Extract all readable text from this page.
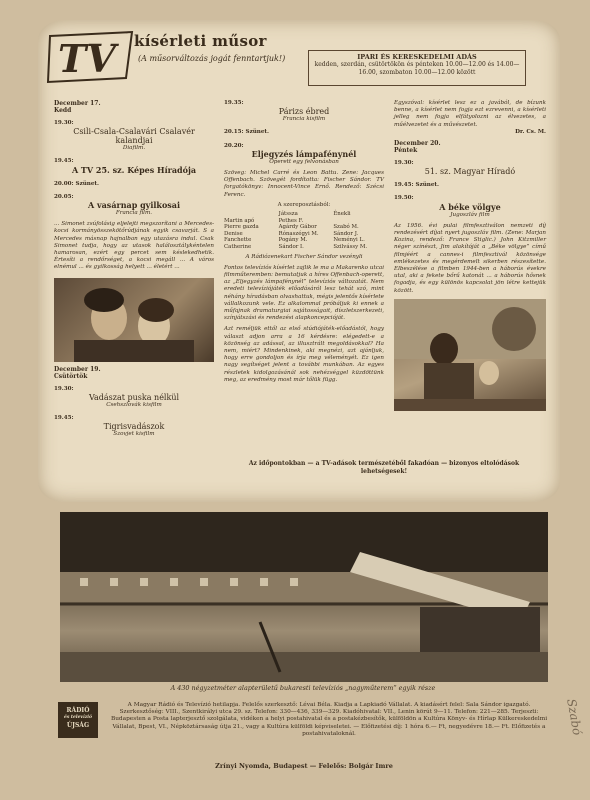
TV kísérleti műsor
(A műsorváltozás jogát fenntartjuk!)	IPARI ÉS KERESKEDELMI ADÁS
kedden, szerdán, csütörtökön és pénteken 10.00—12.00 és 14.00—16.00, szombaton 10.00—12.00 között
December 17.
Kedd
19.30:
Csili-Csala-Csalavári Csalavér kalandjai
Diafilm.
19.45:
A TV 25. sz. Képes Híradója
20.00: Szünet.
20.05:
A vasárnap gyilkosai
Francia film.
... Simonet zsúfolásig eljelejti megszorítani a Mercedes-kocsi kormányösszekötőrúdjának egyik csavarját. S a Mercedes másnap hajnalban egy utazásra indul. Csak Simonet tudja, hogy az utasok halálosztálykéntelen hamarosan, ezért egy percet sem késlekedhetik. Értesíti a rendőrséget, a kocsi megáll ... A város elnémul ... és gyilkosság helyett ... életért ...
December 19.
Csütörtök
19.30:
Vadászat puska nélkül
Csehszlovák kisfilm
19.45:
Tigrisvadászok
Szovjet kisfilm
19.35:
Párizs ébred
Francia kisfilm
20.15: Szünet.
20.20:
Eljegyzés lámpafénynél
Operett egy felvonásban
Szöveg: Michel Carré és Leon Battu. Zene: Jacques Offenbach. Szövegét fordította: Fischer Sándor. TV forgatókönyv: Innocent-Vince Ernő. Rendező: Szécsi Ferenc.
A szereposztásból:
Játssza	Énekli
Martin apó	Pethes F.
Pierre gazda	Agárdy Gábor	Szabó M.
Denise	Rónaszégyi M.	Sándor J.
Fanchette	Pogány M.	Neményi L.
Catherine	Sándor I.	Szilvássy M.
A Rádiózenekart Fischer Sándor vezényli
Fontos televíziós kísérlet zajlik le ma a Makarenko utcai filmműteremben: bemutatjuk a híres Offenbach-operett, az „Eljegyzés lámpafénynél” televíziós változatát. Nem eredeti televíziójáték előadásáról lesz tehát szó, mint néhány híradásban olvashattuk, mégis jelentős kísérlete vállalkozunk vele. Ez alkalommal próbáljuk ki ennek a műfajnak dramaturgiai sajátosságait, díszletszerkezeti, színjátszási és rendezési alapkoncepcióját.
Azt reméljük ettől az első stúdiójáték-előadástól, hogy választ adjon arra a 16 kérdésre: elégedett-e a közönség az adással, az illusztrált megoldásokkal? Ha nem, miért? Mindenkinek, aki megnézi, azt ajánljuk, hogy erre gondoljon és írja meg véleményét. Ez igen nagy segítséget jelent a további munkában. Az egyes részletek kidolgozásánál sok nehézséggel küzdöttünk meg, az eredmény most már tőlük függ.
Egyszóval: kísérlet lesz ez a javából, de bízunk benne, a kísérlet nem fogja ezt ezrevenni, a kísérleti jelleg nem fogja elfátyolozni az élvezetes, a műélvezetet és a művészetet.
Dr. Cs. M.
December 20.
Péntek
19.30:
51. sz. Magyar Híradó
19.45: Szünet.
19.50:
A béke völgye
Jugoszláv film
Az 1956. évi pulai filmfesztiválon nemzeti díj rendezésért díjat nyert jugoszláv film. (Zene: Marjan Kozina, rendező: France Stiglic.) John Kitzmiller néger színészt, Jim alakítóját a „Béke völgye” című filmjéért a cannes-i filmfesztivál közönsége emlékezetes és megérdemelt sikerben részesítette. Elbeszélése a filmben 1944-ben a háborús évekre utal, aki a fekete bőrű katonát ... a háborús hősnek fogadja, és egy különös kapcsolat jön létre kettejük között.
Az időpontokban — a TV-adások természetéből fakadóan — bizonyos eltolódások lehetségesek!
A 430 négyzetméter alapterületű bukaresti televíziós „nagyműterem” egyik része
RÁDIÓ
és televízió
ÚJSÁG
A Magyar Rádió és Televízió hetilapja. Felelős szerkesztő: Lévai Béla. Kiadja a Lapkiadó Vállalat. A kiadásért felel: Sala Sándor igazgató. Szerkesztőség: VIII., Szentkirályi utca 29. sz. Telefon: 330—436, 339—329. Kiadóhivatal: VII., Lenin körút 9—11. Telefon: 221—285. Terjeszti: Budapesten a Posta lapterjesztő szolgálata, vidéken a helyi postahivatal és a postakézbesítők, külföldön a Kultúra Könyv- és Hírlap Külkereskedelmi Vállalat, Bpest, VI., Népköztársaság útja 21., vagy a Kultúra külföldi képviseletei. — Előfizetési díj: 1 hóra 6.— Ft, negyedévre 18.— Ft. Előfizetés a postahivataloknál.
Zrínyi Nyomda, Budapest — Felelős: Bolgár Imre
Szabó
